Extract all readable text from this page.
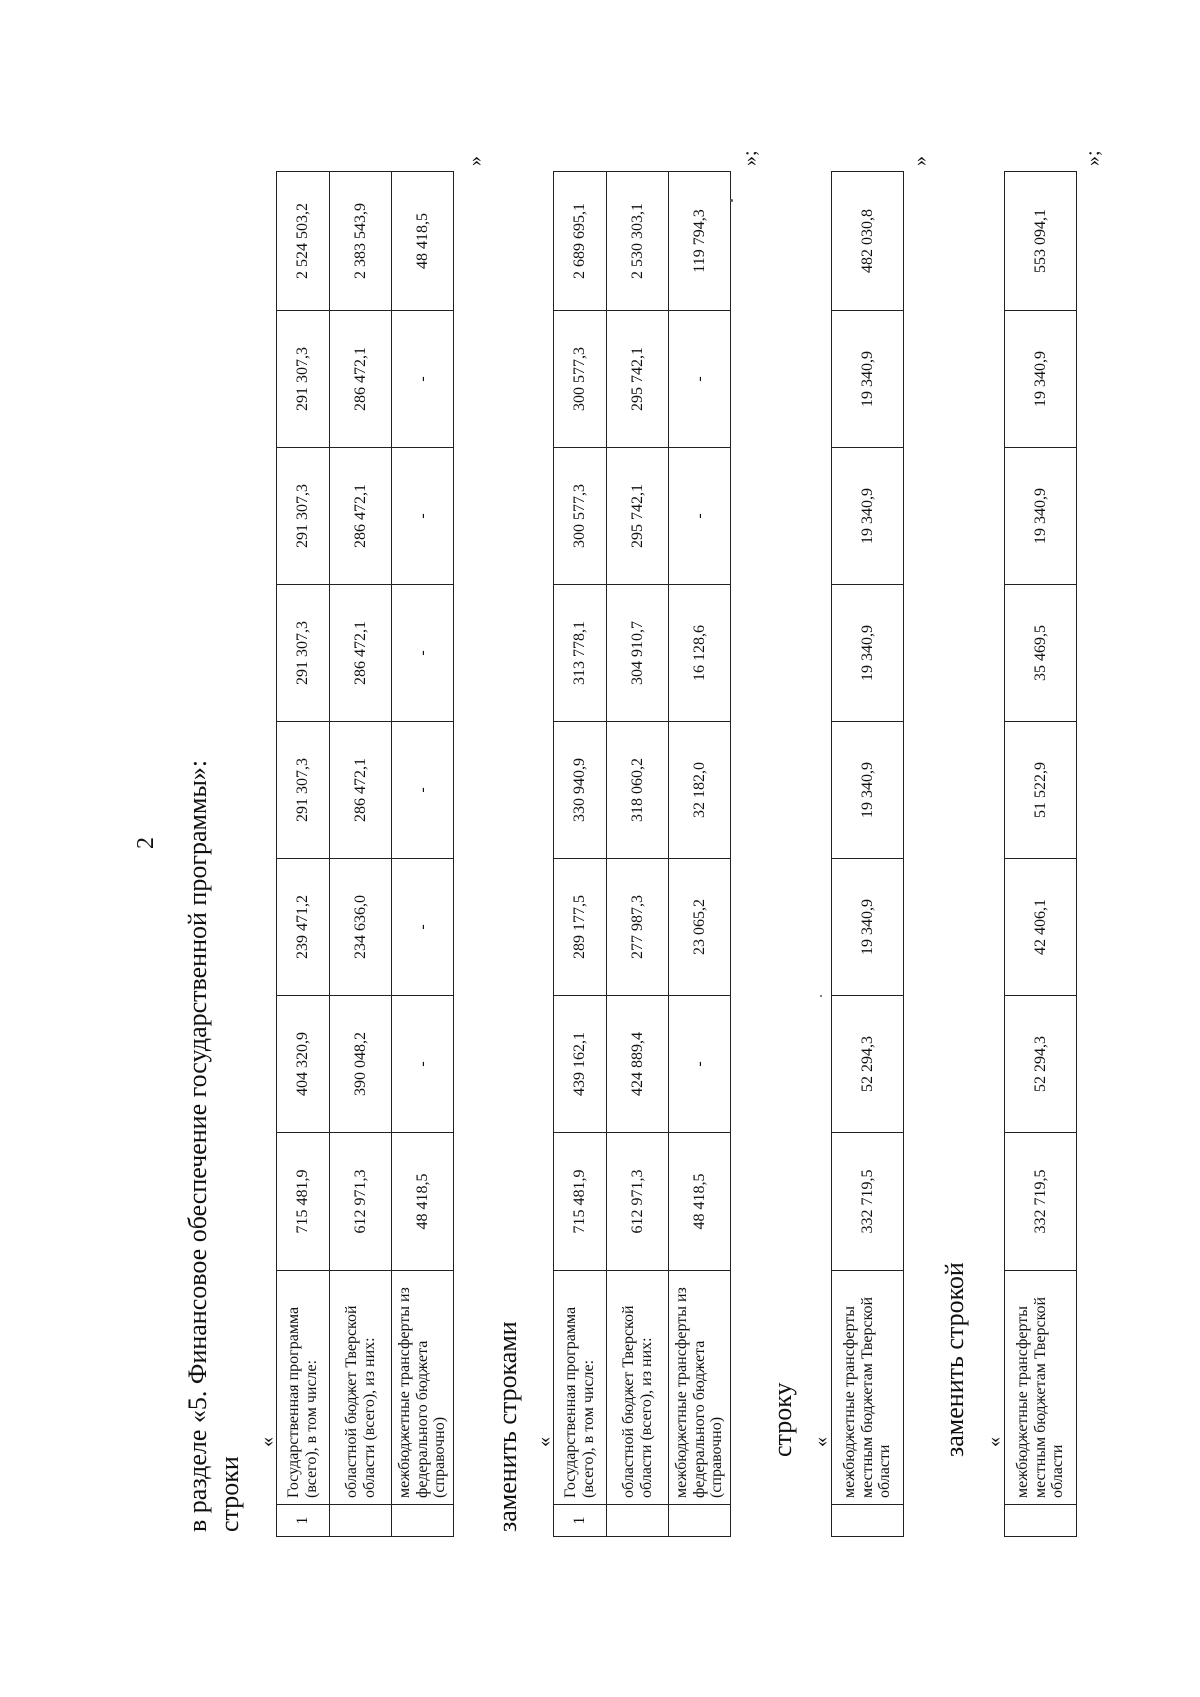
2 в разделе «5. Финансовое обеспечение государственной программы»: строки
«
1	Государственная программа (всего), в том числе:	715 481,9	404 320,9	239 471,2	291 307,3	291 307,3	291 307,3	291 307,3	2 524 503,2
	областной бюджет Тверской области (всего), из них:	612 971,3	390 048,2	234 636,0	286 472,1	286 472,1	286 472,1	286 472,1	2 383 543,9
	межбюджетные трансферты из федерального бюджета (справочно)	48 418,5	-	-	-	-	-	-	48 418,5
»
заменить строками «
1	Государственная программа (всего), в том числе:	715 481,9	439 162,1	289 177,5	330 940,9	313 778,1	300 577,3	300 577,3	2 689 695,1
	областной бюджет Тверской области (всего), из них:	612 971,3	424 889,4	277 987,3	318 060,2	304 910,7	295 742,1	295 742,1	2 530 303,1
	межбюджетные трансферты из федерального бюджета (справочно)	48 418,5	-	23 065,2	32 182,0	16 128,6	-	-	119 794,3
»;
строку «
	межбюджетные трансферты местным бюджетам Тверской области	332 719,5	52 294,3	19 340,9	19 340,9	19 340,9	19 340,9	19 340,9	482 030,8
»
заменить строкой «
	межбюджетные трансферты местным бюджетам Тверской области	332 719,5	52 294,3	42 406,1	51 522,9	35 469,5	19 340,9	19 340,9	553 094,1
»;
